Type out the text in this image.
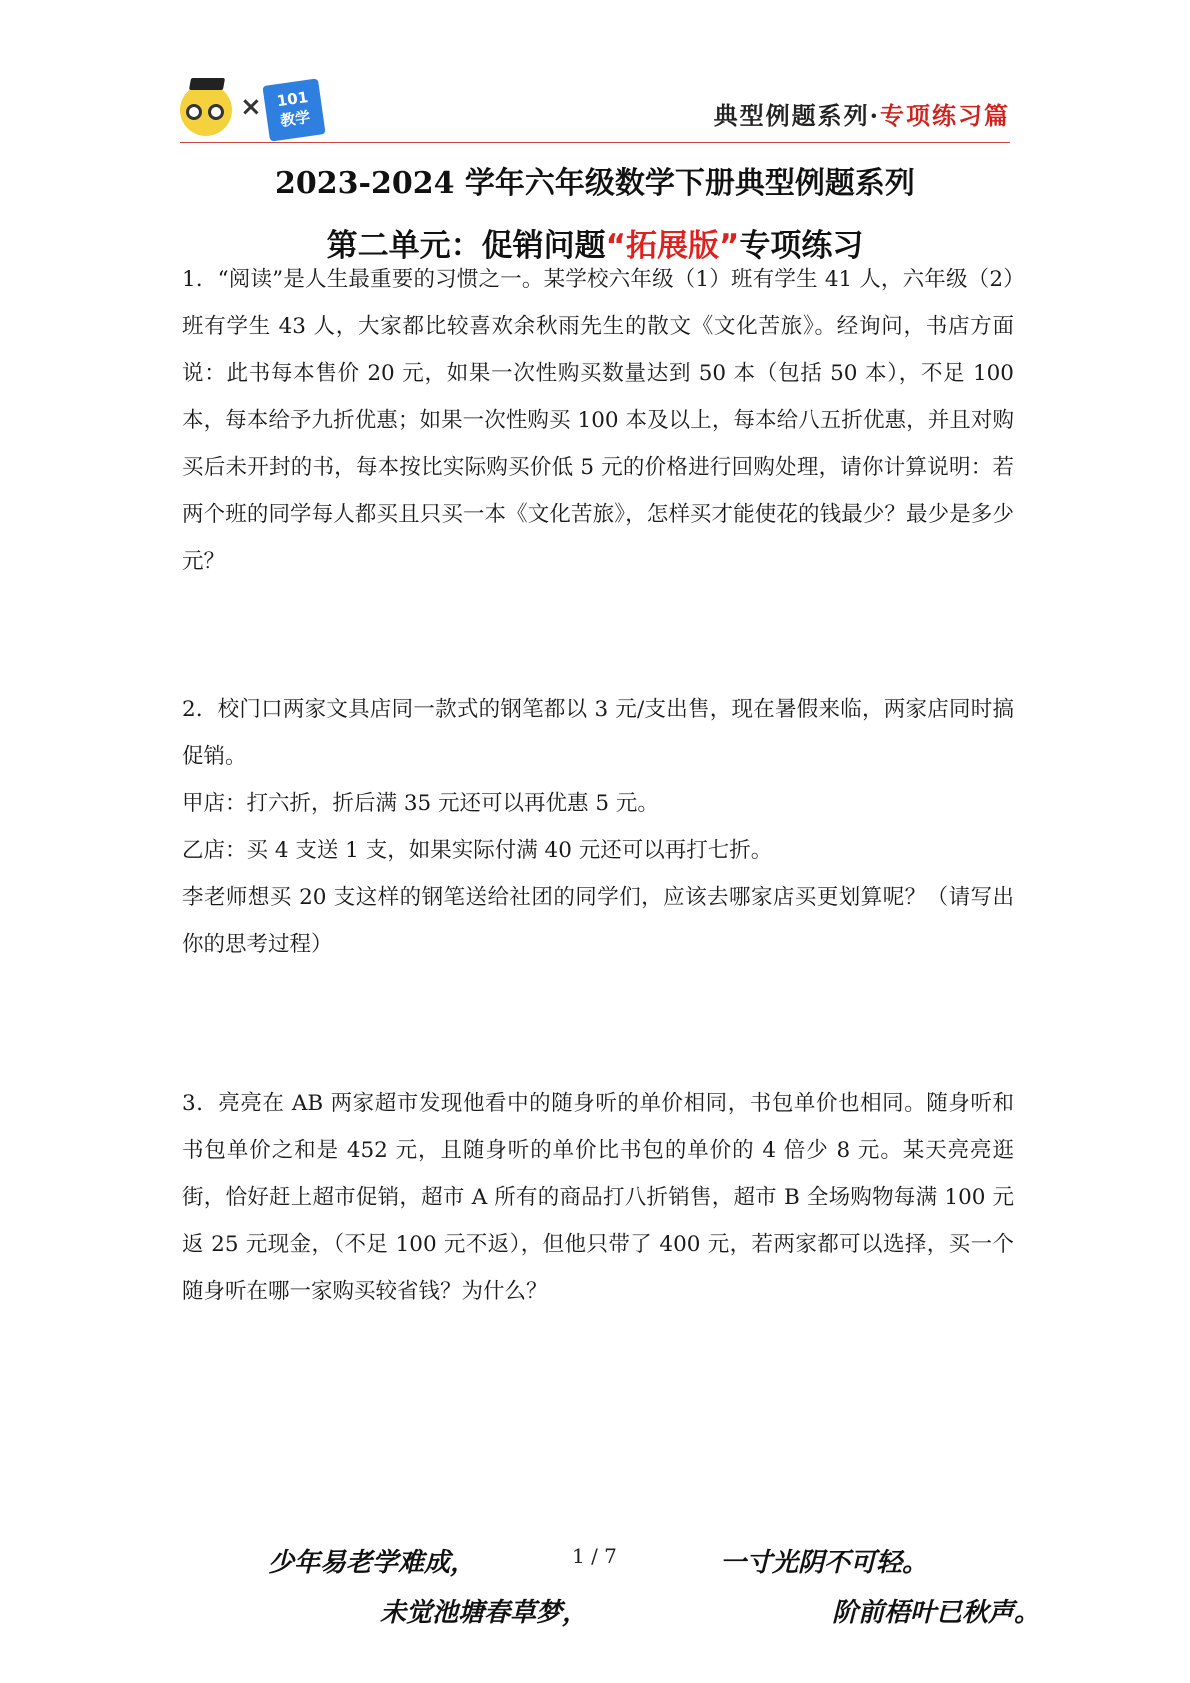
× 101
教学	典型例题系列·专项练习篇
2023-2024 学年六年级数学下册典型例题系列
第二单元：促销问题“拓展版”专项练习

1．“阅读”是人生最重要的习惯之一。某学校六年级（1）班有学生 41 人，六年级（2）班有学生 43 人，大家都比较喜欢余秋雨先生的散文《文化苦旅》。经询问，书店方面说：此书每本售价 20 元，如果一次性购买数量达到 50 本（包括 50 本），不足 100 本，每本给予九折优惠；如果一次性购买 100 本及以上，每本给八五折优惠，并且对购买后未开封的书，每本按比实际购买价低 5 元的价格进行回购处理，请你计算说明：若两个班的同学每人都买且只买一本《文化苦旅》，怎样买才能使花的钱最少？最少是多少元？

2．校门口两家文具店同一款式的钢笔都以 3 元/支出售，现在暑假来临，两家店同时搞促销。

甲店：打六折，折后满 35 元还可以再优惠 5 元。

乙店：买 4 支送 1 支，如果实际付满 40 元还可以再打七折。

李老师想买 20 支这样的钢笔送给社团的同学们，应该去哪家店买更划算呢？（请写出你的思考过程）

3．亮亮在 AB 两家超市发现他看中的随身听的单价相同，书包单价也相同。随身听和书包单价之和是 452 元，且随身听的单价比书包的单价的 4 倍少 8 元。某天亮亮逛街，恰好赶上超市促销，超市 A 所有的商品打八折销售，超市 B 全场购物每满 100 元返 25 元现金，（不足 100 元不返），但他只带了 400 元，若两家都可以选择，买一个随身听在哪一家购买较省钱？为什么？

少年易老学难成，	1 / 7	一寸光阴不可轻。
未觉池塘春草梦，	阶前梧叶已秋声。
